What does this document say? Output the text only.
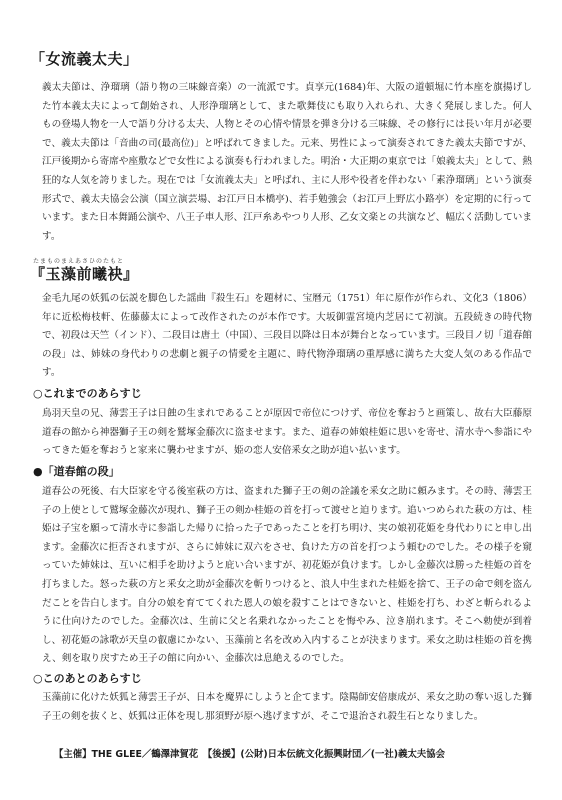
「女流義太夫」

義太夫節は、浄瑠璃（語り物の三味線音楽）の一流派です。貞享元(1684)年、大阪の道頓堀に竹本座を旗揚げした竹本義太夫によって創始され、人形浄瑠璃として、また歌舞伎にも取り入れられ、大きく発展しました。何人もの登場人物を一人で語り分ける太夫、人物とその心情や情景を弾き分ける三味線、その修行には長い年月が必要で、義太夫節は「音曲の司(最高位)」と呼ばれてきました。元来、男性によって演奏されてきた義太夫節ですが、江戸後期から寄席や座敷などで女性による演奏も行われました。明治・大正期の東京では「娘義太夫」として、熱狂的な人気を誇りました。現在では「女流義太夫」と呼ばれ、主に人形や役者を伴わない「素浄瑠璃」という演奏形式で、義太夫協会公演（国立演芸場、お江戸日本橋亭)、若手勉強会（お江戸上野広小路亭）を定期的に行っています。また日本舞踊公演や、八王子車人形、江戸糸あやつり人形、乙女文楽との共演など、幅広く活動しています。

たまものまえあさひのたもと
『玉藻前曦袂』

金毛九尾の妖狐の伝説を脚色した謡曲『殺生石』を題材に、宝暦元（1751）年に原作が作られ、文化3（1806）年に近松梅枝軒、佐藤藤太によって改作されたのが本作です。大坂御霊宮境内芝居にて初演。五段続きの時代物で、初段は天竺（インド）、二段目は唐土（中国）、三段目以降は日本が舞台となっています。三段目ノ切「道春館の段」は、姉妹の身代わりの悲劇と親子の情愛を主題に、時代物浄瑠璃の重厚感に満ちた大変人気のある作品です。

○これまでのあらすじ

鳥羽天皇の兄、薄雲王子は日蝕の生まれであることが原因で帝位につけず、帝位を奪おうと画策し、故右大臣藤原道春の館から神器獅子王の剣を鷲塚金藤次に盗ませます。また、道春の姉娘桂姫に思いを寄せ、清水寺へ参詣にやってきた姫を奪おうと家来に襲わせますが、姫の恋人安倍釆女之助が追い払います。

●「道春館の段」

道春公の死後、右大臣家を守る後室萩の方は、盗まれた獅子王の剣の詮議を釆女之助に頼みます。その時、薄雲王子の上使として鷲塚金藤次が現れ、獅子王の剣か桂姫の首を打って渡せと迫ります。追いつめられた萩の方は、桂姫は子宝を願って清水寺に参詣した帰りに拾った子であったことを打ち明け、実の娘初花姫を身代わりにと申し出ます。金藤次に拒否されますが、さらに姉妹に双六をさせ、負けた方の首を打つよう頼むのでした。その様子を窺っていた姉妹は、互いに相手を助けようと庇い合いますが、初花姫が負けます。しかし金藤次は勝った桂姫の首を打ちました。怒った萩の方と釆女之助が金藤次を斬りつけると、浪人中生まれた桂姫を捨て、王子の命で剣を盗んだことを告白します。自分の娘を育ててくれた恩人の娘を殺すことはできないと、桂姫を打ち、わざと斬られるように仕向けたのでした。金藤次は、生前に父と名乗れなかったことを悔やみ、泣き崩れます。そこへ勅使が到着し、初花姫の詠歌が天皇の叡慮にかない、玉藻前と名を改め入内することが決まります。釆女之助は桂姫の首を携え、剣を取り戻すため王子の館に向かい、金藤次は息絶えるのでした。

○このあとのあらすじ

玉藻前に化けた妖狐と薄雲王子が、日本を魔界にしようと企てます。陰陽師安倍康成が、釆女之助の奪い返した獅子王の剣を抜くと、妖狐は正体を現し那須野が原へ逃げますが、そこで退治され殺生石となりました。

【主催】THE GLEE／鶴澤津賀花　【後援】(公財)日本伝統文化振興財団／(一社)義太夫協会
